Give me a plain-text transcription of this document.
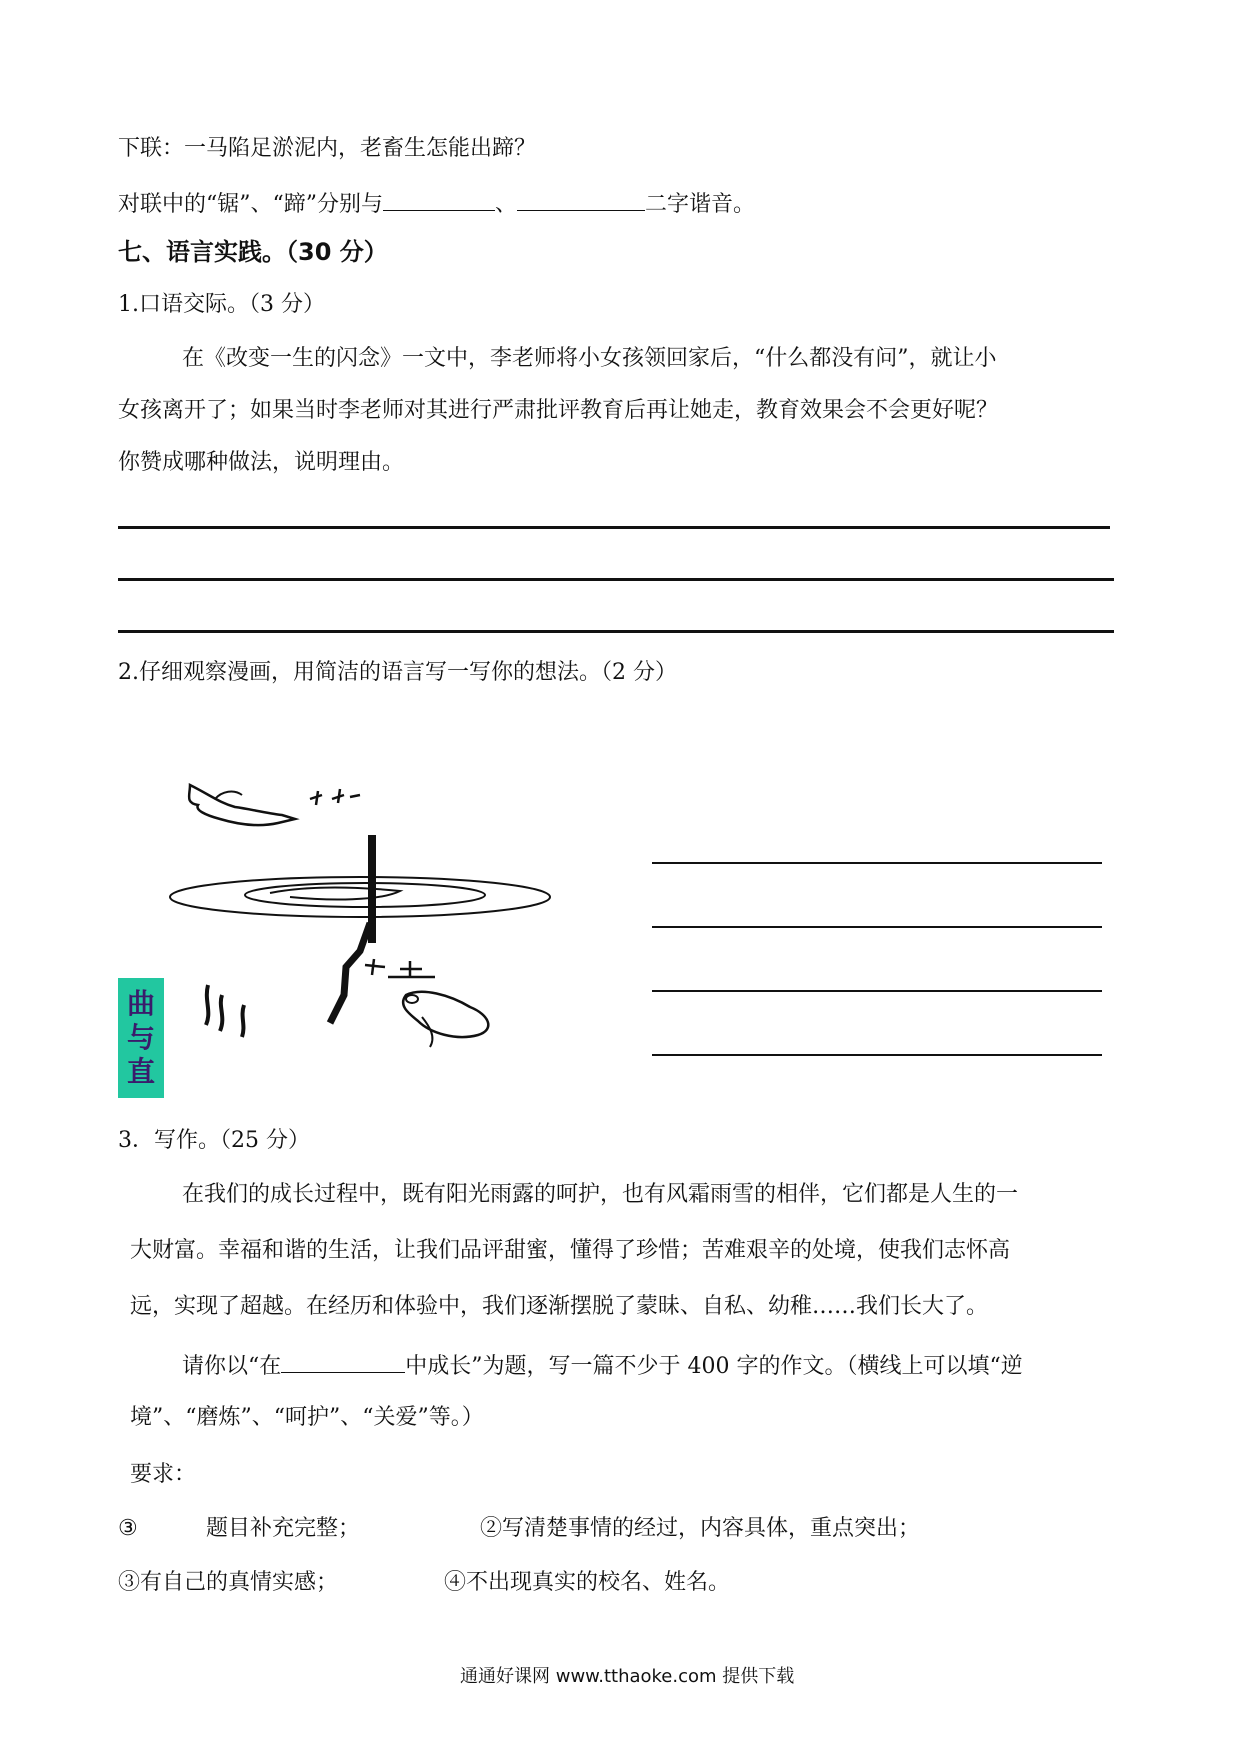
下联：一马陷足淤泥内，老畜生怎能出蹄？
对联中的“锯”、“蹄”分别与	、	二字谐音。
七、语言实践。（30 分）
1.口语交际。（3 分）
在《改变一生的闪念》一文中，李老师将小女孩领回家后，“什么都没有问”，就让小
女孩离开了；如果当时李老师对其进行严肃批评教育后再让她走，教育效果会不会更好呢？
你赞成哪种做法，说明理由。
2.仔细观察漫画，用简洁的语言写一写你的想法。（2 分）
曲
与
直
3．写作。（25 分）
在我们的成长过程中，既有阳光雨露的呵护，也有风霜雨雪的相伴，它们都是人生的一
大财富。幸福和谐的生活，让我们品评甜蜜，懂得了珍惜；苦难艰辛的处境，使我们志怀高
远，实现了超越。在经历和体验中，我们逐渐摆脱了蒙昧、自私、幼稚……我们长大了。
请你以“在	中成长”为题，写一篇不少于 400 字的作文。（横线上可以填“逆
境”、“磨炼”、“呵护”、“关爱”等。）
要求：
③	题目补充完整；	②写清楚事情的经过，内容具体，重点突出；
③有自己的真情实感；	④不出现真实的校名、姓名。
通通好课网 www.tthaoke.com 提供下载
